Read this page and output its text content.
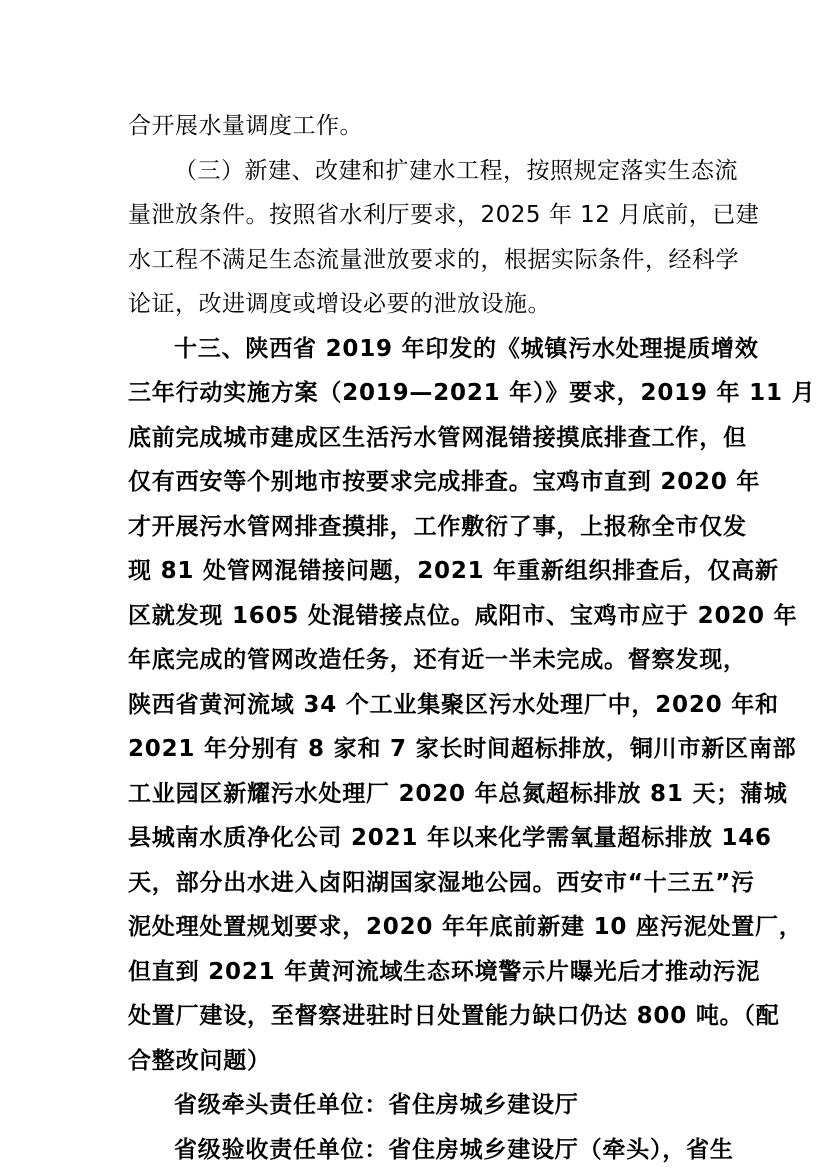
合开展水量调度工作。
（三）新建、改建和扩建水工程，按照规定落实生态流
量泄放条件。按照省水利厅要求，2025 年 12 月底前，已建
水工程不满足生态流量泄放要求的，根据实际条件，经科学
论证，改进调度或增设必要的泄放设施。
十三、陕西省 2019 年印发的《城镇污水处理提质增效
三年行动实施方案（2019—2021 年）》要求，2019 年 11 月
底前完成城市建成区生活污水管网混错接摸底排查工作，但
仅有西安等个别地市按要求完成排查。宝鸡市直到 2020 年
才开展污水管网排查摸排，工作敷衍了事，上报称全市仅发
现 81 处管网混错接问题，2021 年重新组织排查后，仅高新
区就发现 1605 处混错接点位。咸阳市、宝鸡市应于 2020 年
年底完成的管网改造任务，还有近一半未完成。督察发现，
陕西省黄河流域 34 个工业集聚区污水处理厂中，2020 年和
2021 年分别有 8 家和 7 家长时间超标排放，铜川市新区南部
工业园区新耀污水处理厂 2020 年总氮超标排放 81 天；蒲城
县城南水质净化公司 2021 年以来化学需氧量超标排放 146
天，部分出水进入卤阳湖国家湿地公园。西安市“十三五”污
泥处理处置规划要求，2020 年年底前新建 10 座污泥处置厂，
但直到 2021 年黄河流域生态环境警示片曝光后才推动污泥
处置厂建设，至督察进驻时日处置能力缺口仍达 800 吨。（配
合整改问题）
省级牵头责任单位：省住房城乡建设厅
省级验收责任单位：省住房城乡建设厅（牵头），省生
